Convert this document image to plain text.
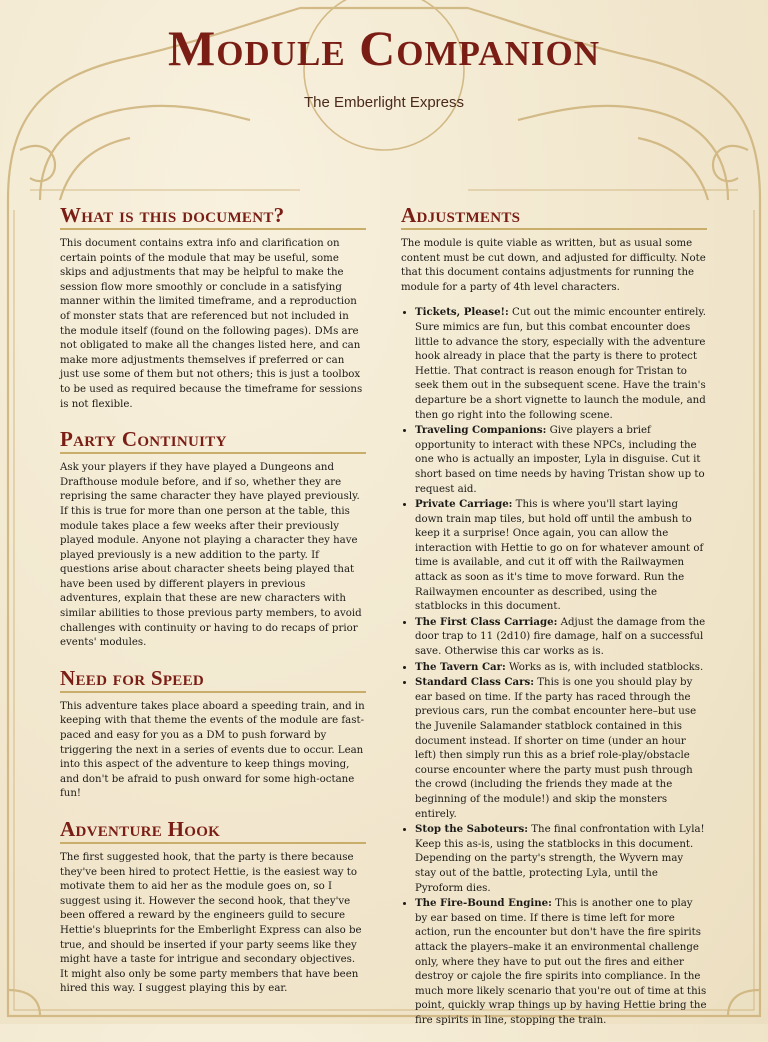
Module Companion
The Emberlight Express
What is this document?

This document contains extra info and clarification on certain points of the module that may be useful, some skips and adjustments that may be helpful to make the session flow more smoothly or conclude in a satisfying manner within the limited timeframe, and a reproduction of monster stats that are referenced but not included in the module itself (found on the following pages). DMs are not obligated to make all the changes listed here, and can make more adjustments themselves if preferred or can just use some of them but not others; this is just a toolbox to be used as required because the timeframe for sessions is not flexible.

Party Continuity

Ask your players if they have played a Dungeons and Drafthouse module before, and if so, whether they are reprising the same character they have played previously. If this is true for more than one person at the table, this module takes place a few weeks after their previously played module. Anyone not playing a character they have played previously is a new addition to the party. If questions arise about character sheets being played that have been used by different players in previous adventures, explain that these are new characters with similar abilities to those previous party members, to avoid challenges with continuity or having to do recaps of prior events' modules.

Need for Speed

This adventure takes place aboard a speeding train, and in keeping with that theme the events of the module are fast-paced and easy for you as a DM to push forward by triggering the next in a series of events due to occur. Lean into this aspect of the adventure to keep things moving, and don't be afraid to push onward for some high-octane fun!

Adventure Hook

The first suggested hook, that the party is there because they've been hired to protect Hettie, is the easiest way to motivate them to aid her as the module goes on, so I suggest using it. However the second hook, that they've been offered a reward by the engineers guild to secure Hettie's blueprints for the Emberlight Express can also be true, and should be inserted if your party seems like they might have a taste for intrigue and secondary objectives. It might also only be some party members that have been hired this way. I suggest playing this by ear.

Adjustments

The module is quite viable as written, but as usual some content must be cut down, and adjusted for difficulty. Note that this document contains adjustments for running the module for a party of 4th level characters.

• Tickets, Please!: Cut out the mimic encounter entirely. Sure mimics are fun, but this combat encounter does little to advance the story, especially with the adventure hook already in place that the party is there to protect Hettie. That contract is reason enough for Tristan to seek them out in the subsequent scene. Have the train's departure be a short vignette to launch the module, and then go right into the following scene.
• Traveling Companions: Give players a brief opportunity to interact with these NPCs, including the one who is actually an imposter, Lyla in disguise. Cut it short based on time needs by having Tristan show up to request aid.
• Private Carriage: This is where you'll start laying down train map tiles, but hold off until the ambush to keep it a surprise! Once again, you can allow the interaction with Hettie to go on for whatever amount of time is available, and cut it off with the Railwaymen attack as soon as it's time to move forward. Run the Railwaymen encounter as described, using the statblocks in this document.
• The First Class Carriage: Adjust the damage from the door trap to 11 (2d10) fire damage, half on a successful save. Otherwise this car works as is.
• The Tavern Car: Works as is, with included statblocks.
• Standard Class Cars: This is one you should play by ear based on time. If the party has raced through the previous cars, run the combat encounter here–but use the Juvenile Salamander statblock contained in this document instead. If shorter on time (under an hour left) then simply run this as a brief role-play/obstacle course encounter where the party must push through the crowd (including the friends they made at the beginning of the module!) and skip the monsters entirely.
• Stop the Saboteurs: The final confrontation with Lyla! Keep this as-is, using the statblocks in this document. Depending on the party's strength, the Wyvern may stay out of the battle, protecting Lyla, until the Pyroform dies.
• The Fire-Bound Engine: This is another one to play by ear based on time. If there is time left for more action, run the encounter but don't have the fire spirits attack the players–make it an environmental challenge only, where they have to put out the fires and either destroy or cajole the fire spirits into compliance. In the much more likely scenario that you're out of time at this point, quickly wrap things up by having Hettie bring the fire spirits in line, stopping the train.
